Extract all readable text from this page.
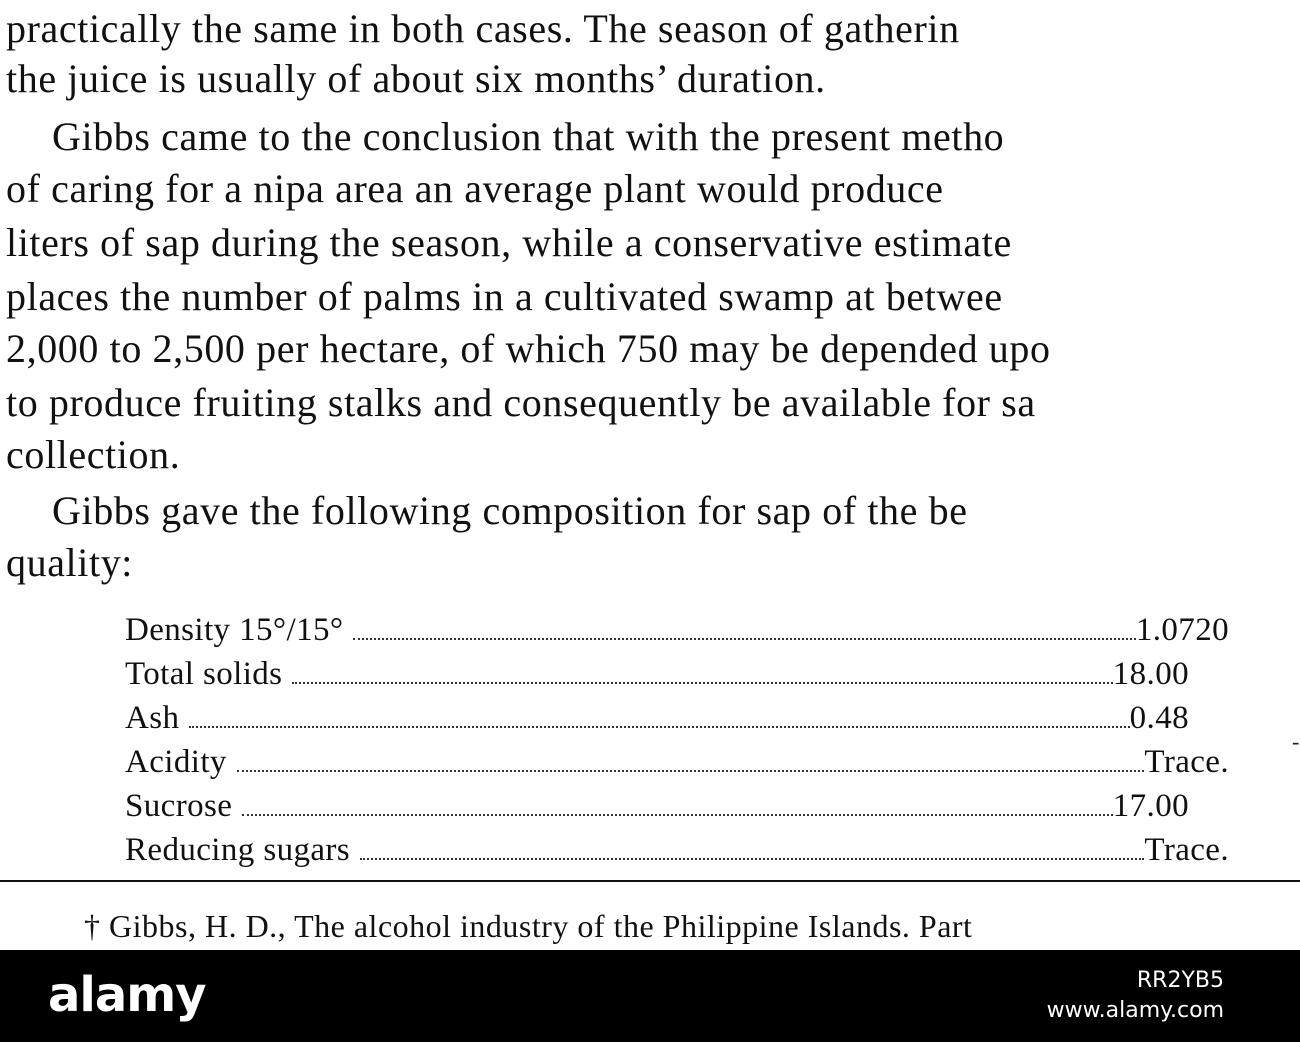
practically the same in both cases. The season of gatherin
the juice is usually of about six months’ duration.
Gibbs came to the conclusion that with the present metho
of caring for a nipa area an average plant would produce
liters of sap during the season, while a conservative estimate
places the number of palms in a cultivated swamp at betwee
2,000 to 2,500 per hectare, of which 750 may be depended upo
to produce fruiting stalks and consequently be available for sa
collection.
Gibbs gave the following composition for sap of the be
quality:
Density 15°/15°	1.0720
Total solids	18.00
Ash	0.48
Acidity	Trace.
Sucrose	17.00
Reducing sugars	Trace.
-
† Gibbs, H. D., The alcohol industry of the Philippine Islands. Part
alamy	RR2YB5
www.alamy.com
